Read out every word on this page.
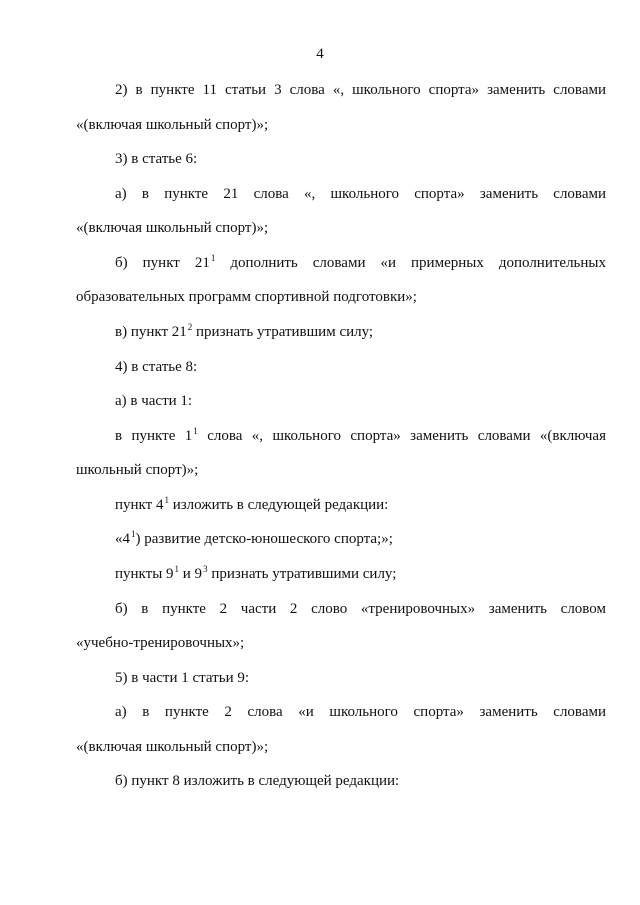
4
2) в пункте 11 статьи 3 слова «, школьного спорта» заменить словами
«(включая школьный спорт)»;
3) в статье 6:
а) в пункте 21 слова «, школьного спорта» заменить словами
«(включая школьный спорт)»;
б) пункт $21^1$ дополнить словами «и примерных дополнительных
образовательных программ спортивной подготовки»;
в) пункт $21^2$ признать утратившим силу;
4) в статье 8:
а) в части 1:
в пункте $1^1$ слова «, школьного спорта» заменить словами «(включая
школьный спорт)»;
пункт $4^1$ изложить в следующей редакции:
«$4^1$) развитие детско-юношеского спорта;»;
пункты $9^1$ и $9^3$ признать утратившими силу;
б) в пункте 2 части 2 слово «тренировочных» заменить словом
«учебно-тренировочных»;
5) в части 1 статьи 9:
а) в пункте 2 слова «и школьного спорта» заменить словами
«(включая школьный спорт)»;
б) пункт 8 изложить в следующей редакции:
